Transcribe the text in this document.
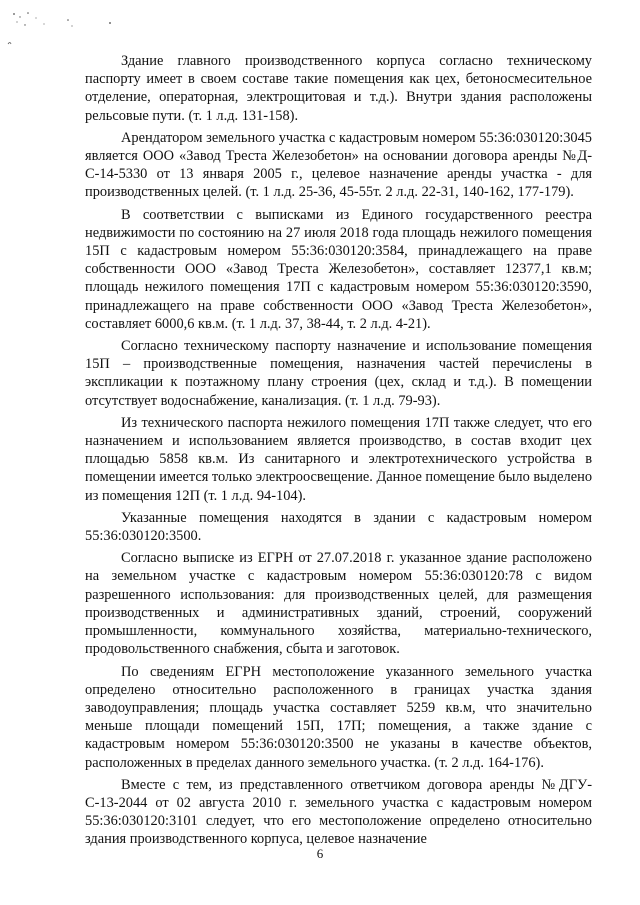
Здание главного производственного корпуса согласно техническому паспорту имеет в своем составе такие помещения как цех, бетоносмесительное отделение, операторная, электрощитовая и т.д.). Внутри здания расположены рельсовые пути. (т. 1 л.д. 131-158).

Арендатором земельного участка с кадастровым номером 55:36:030120:3045 является ООО «Завод Треста Железобетон» на основании договора аренды №Д-С-14-5330 от 13 января 2005 г., целевое назначение аренды участка - для производственных целей. (т. 1 л.д. 25-36, 45-55т. 2 л.д. 22-31, 140-162, 177-179).

В соответствии с выписками из Единого государственного реестра недвижимости по состоянию на 27 июля 2018 года площадь нежилого помещения 15П с кадастровым номером 55:36:030120:3584, принадлежащего на праве собственности ООО «Завод Треста Железобетон», составляет 12377,1 кв.м; площадь нежилого помещения 17П с кадастровым номером 55:36:030120:3590, принадлежащего на праве собственности ООО «Завод Треста Железобетон», составляет 6000,6 кв.м. (т. 1 л.д. 37, 38-44, т. 2 л.д. 4-21).

Согласно техническому паспорту назначение и использование помещения 15П – производственные помещения, назначения частей перечислены в экспликации к поэтажному плану строения (цех, склад и т.д.). В помещении отсутствует водоснабжение, канализация. (т. 1 л.д. 79-93).

Из технического паспорта нежилого помещения 17П также следует, что его назначением и использованием является производство, в состав входит цех площадью 5858 кв.м. Из санитарного и электротехнического устройства в помещении имеется только электроосвещение. Данное помещение было выделено из помещения 12П (т. 1 л.д. 94-104).

Указанные помещения находятся в здании с кадастровым номером 55:36:030120:3500.

Согласно выписке из ЕГРН от 27.07.2018 г. указанное здание расположено на земельном участке с кадастровым номером 55:36:030120:78 с видом разрешенного использования: для производственных целей, для размещения производственных и административных зданий, строений, сооружений промышленности, коммунального хозяйства, материально-технического, продовольственного снабжения, сбыта и заготовок.

По сведениям ЕГРН местоположение указанного земельного участка определено относительно расположенного в границах участка здания заводоуправления; площадь участка составляет 5259 кв.м, что значительно меньше площади помещений 15П, 17П; помещения, а также здание с кадастровым номером 55:36:030120:3500 не указаны в качестве объектов, расположенных в пределах данного земельного участка. (т. 2 л.д. 164-176).

Вместе с тем, из представленного ответчиком договора аренды №ДГУ-С-13-2044 от 02 августа 2010 г. земельного участка с кадастровым номером 55:36:030120:3101 следует, что его местоположение определено относительно здания производственного корпуса, целевое назначение

6
